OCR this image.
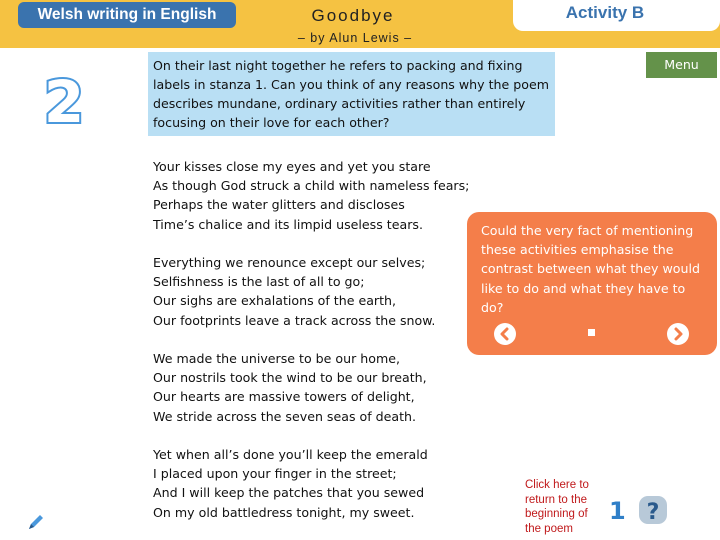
Welsh writing in English	Goodbye
– by Alun Lewis –
Activity B
2

On their last night together he refers to packing and fixing labels in stanza 1. Can you think of any reasons why the poem describes mundane, ordinary activities rather than entirely focusing on their love for each other?

Menu
Your kisses close my eyes and yet you stare
As though God struck a child with nameless fears;
Perhaps the water glitters and discloses
Time’s chalice and its limpid useless tears.
Everything we renounce except our selves;
Selfishness is the last of all to go;
Our sighs are exhalations of the earth,
Our footprints leave a track across the snow.
We made the universe to be our home,
Our nostrils took the wind to be our breath,
Our hearts are massive towers of delight,
We stride across the seven seas of death.
Yet when all’s done you’ll keep the emerald
I placed upon your finger in the street;
And I will keep the patches that you sewed
On my old battledress tonight, my sweet.

Could the very fact of mentioning these activities emphasise the contrast between what they would like to do and what they have to do?

Click here to return to the beginning of the poem
1 ?
